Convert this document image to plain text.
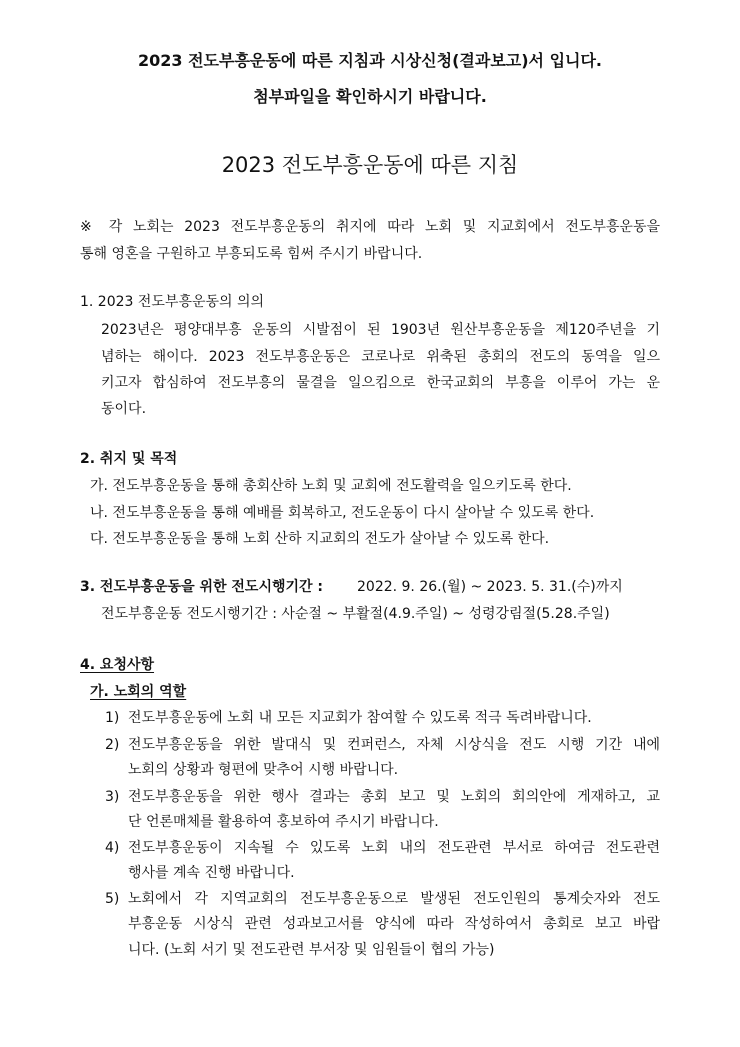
2023 전도부흥운동에 따른 지침과 시상신청(결과보고)서 입니다.
첨부파일을 확인하시기 바랍니다.
2023 전도부흥운동에 따른 지침
※ 각 노회는 2023 전도부흥운동의 취지에 따라 노회 및 지교회에서 전도부흥운동을
통해 영혼을 구원하고 부흥되도록 힘써 주시기 바랍니다.
1. 2023 전도부흥운동의 의의
2023년은 평양대부흥 운동의 시발점이 된 1903년 원산부흥운동을 제120주년을 기
념하는 해이다. 2023 전도부흥운동은 코로나로 위축된 총회의 전도의 동역을 일으
키고자 합심하여 전도부흥의 물결을 일으킴으로 한국교회의 부흥을 이루어 가는 운
동이다.
2. 취지 및 목적
가. 전도부흥운동을 통해 총회산하 노회 및 교회에 전도활력을 일으키도록 한다.
나. 전도부흥운동을 통해 예배를 회복하고, 전도운동이 다시 살아날 수 있도록 한다.
다. 전도부흥운동을 통해 노회 산하 지교회의 전도가 살아날 수 있도록 한다.
3. 전도부흥운동을 위한 전도시행기간 : 2022. 9. 26.(월) ~ 2023. 5. 31.(수)까지
전도부흥운동 전도시행기간 : 사순절 ~ 부활절(4.9.주일) ~ 성령강림절(5.28.주일)
4. 요청사항
가. 노회의 역할
1) 전도부흥운동에 노회 내 모든 지교회가 참여할 수 있도록 적극 독려바랍니다.
2) 전도부흥운동을 위한 발대식 및 컨퍼런스, 자체 시상식을 전도 시행 기간 내에
노회의 상황과 형편에 맞추어 시행 바랍니다.
3) 전도부흥운동을 위한 행사 결과는 총회 보고 및 노회의 회의안에 게재하고, 교
단 언론매체를 활용하여 홍보하여 주시기 바랍니다.
4) 전도부흥운동이 지속될 수 있도록 노회 내의 전도관련 부서로 하여금 전도관련
행사를 계속 진행 바랍니다.
5) 노회에서 각 지역교회의 전도부흥운동으로 발생된 전도인원의 통계숫자와 전도
부흥운동 시상식 관련 성과보고서를 양식에 따라 작성하여서 총회로 보고 바랍
니다. (노회 서기 및 전도관련 부서장 및 임원들이 협의 가능)
